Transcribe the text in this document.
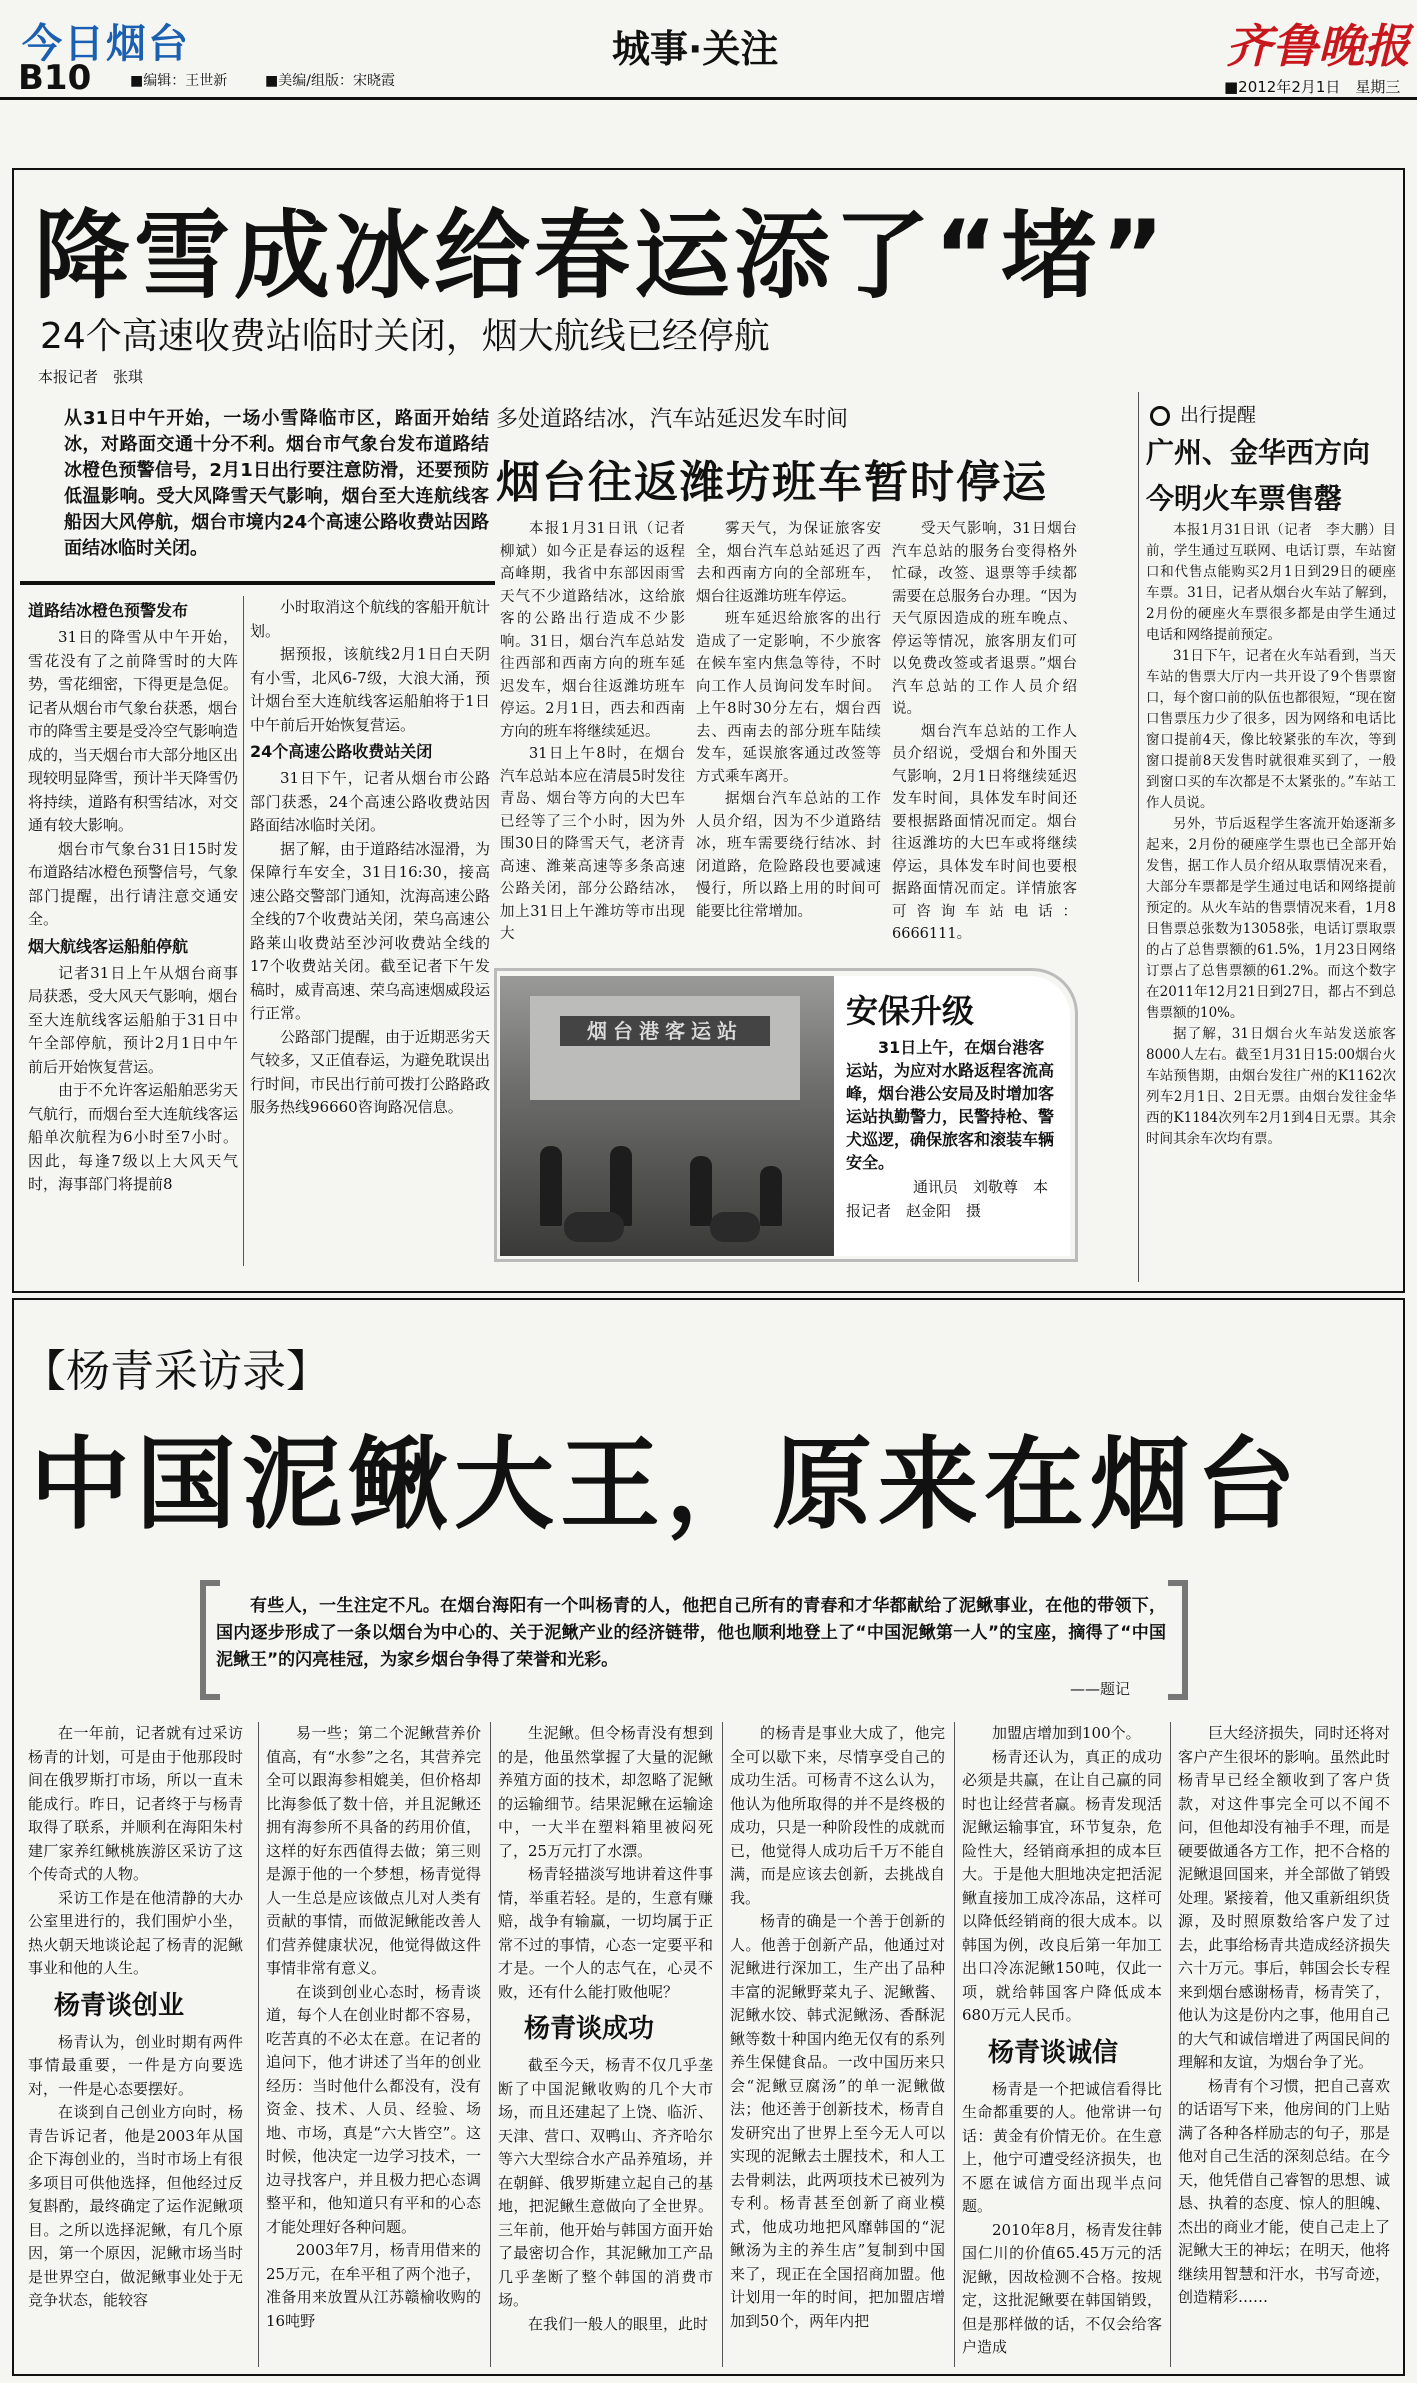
今日烟台	城事·关注	齐鲁晚报
B10	■编辑：王世新	■美编/组版：宋晓霞	■2012年2月1日　星期三
降雪成冰给春运添了“堵”
24个高速收费站临时关闭，烟大航线已经停航
本报记者　张琪
从31日中午开始，一场小雪降临市区，路面开始结冰，对路面交通十分不利。烟台市气象台发布道路结冰橙色预警信号，2月1日出行要注意防滑，还要预防低温影响。受大风降雪天气影响，烟台至大连航线客船因大风停航，烟台市境内24个高速公路收费站因路面结冰临时关闭。
道路结冰橙色预警发布

31日的降雪从中午开始，雪花没有了之前降雪时的大阵势，雪花细密，下得更是急促。记者从烟台市气象台获悉，烟台市的降雪主要是受冷空气影响造成的，当天烟台市大部分地区出现较明显降雪，预计半天降雪仍将持续，道路有积雪结冰，对交通有较大影响。

烟台市气象台31日15时发布道路结冰橙色预警信号，气象部门提醒，出行请注意交通安全。

烟大航线客运船舶停航

记者31日上午从烟台商事局获悉，受大风天气影响，烟台至大连航线客运船舶于31日中午全部停航，预计2月1日中午前后开始恢复营运。

由于不允许客运船舶恶劣天气航行，而烟台至大连航线客运船单次航程为6小时至7小时。因此，每逢7级以上大风天气时，海事部门将提前8

小时取消这个航线的客船开航计划。

据预报，该航线2月1日白天阴有小雪，北风6-7级，大浪大涌，预计烟台至大连航线客运船舶将于1日中午前后开始恢复营运。

24个高速公路收费站关闭

31日下午，记者从烟台市公路部门获悉，24个高速公路收费站因路面结冰临时关闭。

据了解，由于道路结冰湿滑，为保障行车安全，31日16:30，接高速公路交警部门通知，沈海高速公路全线的7个收费站关闭，荣乌高速公路莱山收费站至沙河收费站全线的17个收费站关闭。截至记者下午发稿时，威青高速、荣乌高速烟威段运行正常。

公路部门提醒，由于近期恶劣天气较多，又正值春运，为避免耽误出行时间，市民出行前可拨打公路路政服务热线96660咨询路况信息。

多处道路结冰，汽车站延迟发车时间
烟台往返潍坊班车暂时停运

本报1月31日讯（记者　柳斌）如今正是春运的返程高峰期，我省中东部因雨雪天气不少道路结冰，这给旅客的公路出行造成不少影响。31日，烟台汽车总站发往西部和西南方向的班车延迟发车，烟台往返潍坊班车停运。2月1日，西去和西南方向的班车将继续延迟。

31日上午8时，在烟台汽车总站本应在清晨5时发往青岛、烟台等方向的大巴车已经等了三个小时，因为外围30日的降雪天气，老济青高速、潍莱高速等多条高速公路关闭，部分公路结冰，加上31日上午潍坊等市出现大

雾天气，为保证旅客安全，烟台汽车总站延迟了西去和西南方向的全部班车，烟台往返潍坊班车停运。

班车延迟给旅客的出行造成了一定影响，不少旅客在候车室内焦急等待，不时向工作人员询问发车时间。上午8时30分左右，烟台西去、西南去的部分班车陆续发车，延误旅客通过改签等方式乘车离开。

据烟台汽车总站的工作人员介绍，因为不少道路结冰，班车需要绕行结冰、封闭道路，危险路段也要减速慢行，所以路上用的时间可能要比往常增加。

受天气影响，31日烟台汽车总站的服务台变得格外忙碌，改签、退票等手续都需要在总服务台办理。“因为天气原因造成的班车晚点、停运等情况，旅客朋友们可以免费改签或者退票。”烟台汽车总站的工作人员介绍说。

烟台汽车总站的工作人员介绍说，受烟台和外围天气影响，2月1日将继续延迟发车时间，具体发车时间还要根据路面情况而定。烟台往返潍坊的大巴车或将继续停运，具体发车时间也要根据路面情况而定。详情旅客可咨询车站电话：6666111。

烟台港客运站
安保升级
31日上午，在烟台港客运站，为应对水路返程客流高峰，烟台港公安局及时增加客运站执勤警力，民警持枪、警犬巡逻，确保旅客和滚装车辆安全。
通讯员　刘敬尊　本
报记者　赵金阳　摄
出行提醒
广州、金华西方向
今明火车票售罄

本报1月31日讯（记者　李大鹏）目前，学生通过互联网、电话订票，车站窗口和代售点能购买2月1日到29日的硬座车票。31日，记者从烟台火车站了解到，2月份的硬座火车票很多都是由学生通过电话和网络提前预定。

31日下午，记者在火车站看到，当天车站的售票大厅内一共开设了9个售票窗口，每个窗口前的队伍也都很短，“现在窗口售票压力少了很多，因为网络和电话比窗口提前4天，像比较紧张的车次，等到窗口提前8天发售时就很难买到了，一般到窗口买的车次都是不太紧张的。”车站工作人员说。

另外，节后返程学生客流开始逐渐多起来，2月份的硬座学生票也已全部开始发售，据工作人员介绍从取票情况来看，大部分车票都是学生通过电话和网络提前预定的。从火车站的售票情况来看，1月8日售票总张数为13058张，电话订票取票的占了总售票额的61.5%，1月23日网络订票占了总售票额的61.2%。而这个数字在2011年12月21日到27日，都占不到总售票额的10%。

据了解，31日烟台火车站发送旅客8000人左右。截至1月31日15:00烟台火车站预售期，由烟台发往广州的K1162次列车2月1日、2日无票。由烟台发往金华西的K1184次列车2月1到4日无票。其余时间其余车次均有票。

【杨青采访录】
中国泥鳅大王，原来在烟台
有些人，一生注定不凡。在烟台海阳有一个叫杨青的人，他把自己所有的青春和才华都献给了泥鳅事业，在他的带领下，国内逐步形成了一条以烟台为中心的、关于泥鳅产业的经济链带，他也顺利地登上了“中国泥鳅第一人”的宝座，摘得了“中国泥鳅王”的闪亮桂冠，为家乡烟台争得了荣誉和光彩。
——题记

在一年前，记者就有过采访杨青的计划，可是由于他那段时间在俄罗斯打市场，所以一直未能成行。昨日，记者终于与杨青取得了联系，并顺利在海阳朱村建厂家养红鳅桃族游区采访了这个传奇式的人物。

采访工作是在他清静的大办公室里进行的，我们围炉小坐，热火朝天地谈论起了杨青的泥鳅事业和他的人生。

杨青谈创业

杨青认为，创业时期有两件事情最重要，一件是方向要选对，一件是心态要摆好。

在谈到自己创业方向时，杨青告诉记者，他是2003年从国企下海创业的，当时市场上有很多项目可供他选择，但他经过反复斟酌，最终确定了运作泥鳅项目。之所以选择泥鳅，有几个原因，第一个原因，泥鳅市场当时是世界空白，做泥鳅事业处于无竞争状态，能较容

易一些；第二个泥鳅营养价值高，有“水参”之名，其营养完全可以跟海参相媲美，但价格却比海参低了数十倍，并且泥鳅还拥有海参所不具备的药用价值，这样的好东西值得去做；第三则是源于他的一个梦想，杨青觉得人一生总是应该做点儿对人类有贡献的事情，而做泥鳅能改善人们营养健康状况，他觉得做这件事情非常有意义。

在谈到创业心态时，杨青谈道，每个人在创业时都不容易，吃苦真的不必太在意。在记者的追问下，他才讲述了当年的创业经历：当时他什么都没有，没有资金、技术、人员、经验、场地、市场，真是“六大皆空”。这时候，他决定一边学习技术，一边寻找客户，并且极力把心态调整平和，他知道只有平和的心态才能处理好各种问题。

2003年7月，杨青用借来的25万元，在牟平租了两个池子，准备用来放置从江苏赣榆收购的16吨野

生泥鳅。但令杨青没有想到的是，他虽然掌握了大量的泥鳅养殖方面的技术，却忽略了泥鳅的运输细节。结果泥鳅在运输途中，一大半在塑料箱里被闷死了，25万元打了水漂。

杨青轻描淡写地讲着这件事情，举重若轻。是的，生意有赚赔，战争有输赢，一切均属于正常不过的事情，心态一定要平和才是。一个人的志气在，心灵不败，还有什么能打败他呢？

杨青谈成功

截至今天，杨青不仅几乎垄断了中国泥鳅收购的几个大市场，而且还建起了上饶、临沂、天津、营口、双鸭山、齐齐哈尔等六大型综合水产品养殖场，并在朝鲜、俄罗斯建立起自己的基地，把泥鳅生意做向了全世界。三年前，他开始与韩国方面开始了最密切合作，其泥鳅加工产品几乎垄断了整个韩国的消费市场。

在我们一般人的眼里，此时

的杨青是事业大成了，他完全可以歇下来，尽情享受自己的成功生活。可杨青不这么认为，他认为他所取得的并不是终极的成功，只是一种阶段性的成就而已，他觉得人成功后千万不能自满，而是应该去创新，去挑战自我。

杨青的确是一个善于创新的人。他善于创新产品，他通过对泥鳅进行深加工，生产出了品种丰富的泥鳅野菜丸子、泥鳅酱、泥鳅水饺、韩式泥鳅汤、香酥泥鳅等数十种国内绝无仅有的系列养生保健食品。一改中国历来只会“泥鳅豆腐汤”的单一泥鳅做法；他还善于创新技术，杨青自发研究出了世界上至今无人可以实现的泥鳅去土腥技术，和人工去骨刺法，此两项技术已被列为专利。杨青甚至创新了商业模式，他成功地把风靡韩国的“泥鳅汤为主的养生店”复制到中国来了，现正在全国招商加盟。他计划用一年的时间，把加盟店增加到50个，两年内把

加盟店增加到100个。

杨青还认为，真正的成功必须是共赢，在让自己赢的同时也让经营者赢。杨青发现活泥鳅运输事宜，环节复杂，危险性大，经销商承担的成本巨大。于是他大胆地决定把活泥鳅直接加工成冷冻品，这样可以降低经销商的很大成本。以韩国为例，改良后第一年加工出口冷冻泥鳅150吨，仅此一项，就给韩国客户降低成本680万元人民币。

杨青谈诚信

杨青是一个把诚信看得比生命都重要的人。他常讲一句话：黄金有价情无价。在生意上，他宁可遭受经济损失，也不愿在诚信方面出现半点问题。

2010年8月，杨青发往韩国仁川的价值65.45万元的活泥鳅，因故检测不合格。按规定，这批泥鳅要在韩国销毁，但是那样做的话，不仅会给客户造成

巨大经济损失，同时还将对客户产生很坏的影响。虽然此时杨青早已经全额收到了客户货款，对这件事完全可以不闻不问，但他却没有袖手不理，而是硬要做通各方工作，把不合格的泥鳅退回国来，并全部做了销毁处理。紧接着，他又重新组织货源，及时照原数给客户发了过去，此事给杨青共造成经济损失六十万元。事后，韩国会长专程来到烟台感谢杨青，杨青笑了，他认为这是份内之事，他用自己的大气和诚信增进了两国民间的理解和友谊，为烟台争了光。

杨青有个习惯，把自己喜欢的话语写下来，他房间的门上贴满了各种各样励志的句子，那是他对自己生活的深刻总结。在今天，他凭借自己睿智的思想、诚恳、执着的态度、惊人的胆魄、杰出的商业才能，使自己走上了泥鳅大王的神坛；在明天，他将继续用智慧和汗水，书写奇迹，创造精彩……
